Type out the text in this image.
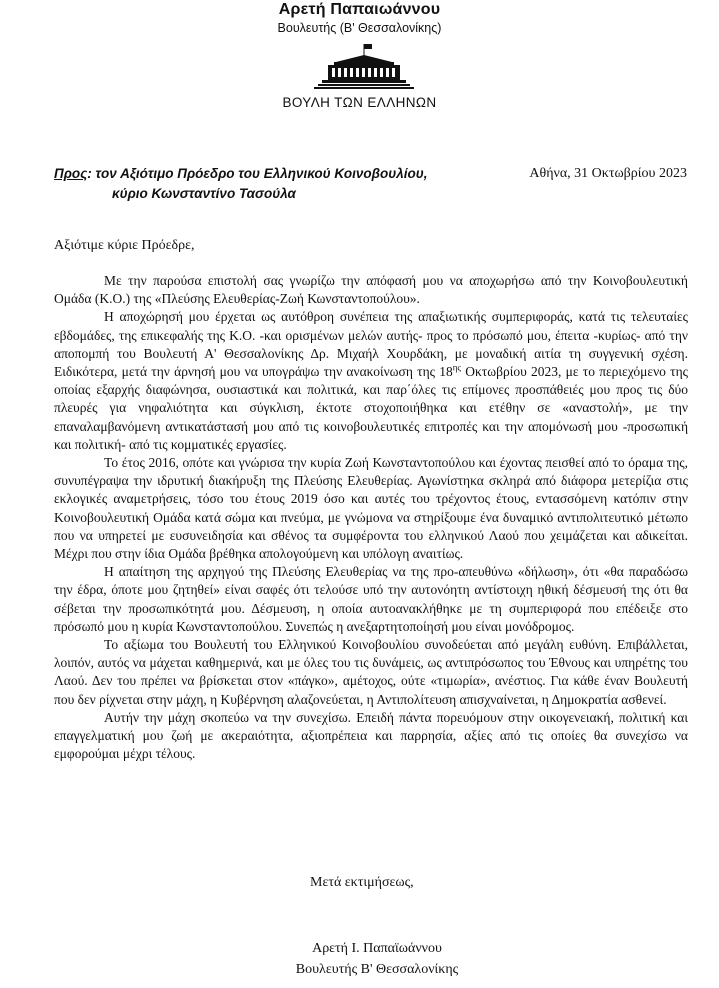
Αρετή Παπαιωάννου
Βουλευτής (Β' Θεσσαλονίκης)
ΒΟΥΛΗ ΤΩΝ ΕΛΛΗΝΩΝ
Προς: τον Αξιότιμο Πρόεδρο του Ελληνικού Κοινοβουλίου,
κύριο Κωνσταντίνο Τασούλα
Αθήνα, 31 Οκτωβρίου 2023
Αξιότιμε κύριε Πρόεδρε,

Με την παρούσα επιστολή σας γνωρίζω την απόφασή μου να αποχωρήσω από την Κοινοβουλευτική Ομάδα (Κ.Ο.) της «Πλεύσης Ελευθερίας-Ζωή Κωνσταντοπούλου».

Η αποχώρησή μου έρχεται ως αυτόθρoη συνέπεια της απαξιωτικής συμπεριφοράς, κατά τις τελευταίες εβδομάδες, της επικεφαλής της Κ.Ο. -και ορισμένων μελών αυτής- προς το πρόσωπό μου, έπειτα -κυρίως- από την αποπομπή του Βουλευτή Α' Θεσσαλονίκης Δρ. Μιχαήλ Χουρδάκη, με μοναδική αιτία τη συγγενική σχέση. Ειδικότερα, μετά την άρνησή μου να υπογράψω την ανακοίνωση της $18^{\eta\varsigma}$ Οκτωβρίου 2023, με το περιεχόμενο της οποίας εξαρχής διαφώνησα, ουσιαστικά και πολιτικά, και παρ΄όλες τις επίμονες προσπάθειές μου προς τις δύο πλευρές για νηφαλιότητα και σύγκλιση, έκτοτε στοχοποιήθηκα και ετέθην σε «αναστολή», με την επαναλαμβανόμενη αντικατάστασή μου από τις κοινοβουλευτικές επιτροπές και την απομόνωσή μου -προσωπική και πολιτική- από τις κομματικές εργασίες.

Το έτος 2016, οπότε και γνώρισα την κυρία Ζωή Κωνσταντοπούλου και έχοντας πεισθεί από το όραμα της, συνυπέγραψα την ιδρυτική διακήρυξη της Πλεύσης Ελευθερίας. Αγωνίστηκα σκληρά από διάφορα μετερίζια στις εκλογικές αναμετρήσεις, τόσο του έτους 2019 όσο και αυτές του τρέχοντος έτους, εντασσόμενη κατόπιν στην Κοινοβουλευτική Ομάδα κατά σώμα και πνεύμα, με γνώμονα να στηρίξουμε ένα δυναμικό αντιπολιτευτικό μέτωπο που να υπηρετεί με ευσυνειδησία και σθένος τα συμφέροντα του ελληνικού Λαού που χειμάζεται και αδικείται. Μέχρι που στην ίδια Ομάδα βρέθηκα απολογούμενη και υπόλογη αναιτίως.

Η απαίτηση της αρχηγού της Πλεύσης Ελευθερίας να της προ-απευθύνω «δήλωση», ότι «θα παραδώσω την έδρα, όποτε μου ζητηθεί» είναι σαφές ότι τελούσε υπό την αυτονόητη αντίστοιχη ηθική δέσμευσή της ότι θα σέβεται την προσωπικότητά μου. Δέσμευση, η οποία αυτοανακλήθηκε με τη συμπεριφορά που επέδειξε στο πρόσωπό μου η κυρία Κωνσταντοπούλου. Συνεπώς η ανεξαρτητοποίησή μου είναι μονόδρομος.

Το αξίωμα του Βουλευτή του Ελληνικού Κοινοβουλίου συνοδεύεται από μεγάλη ευθύνη. Επιβάλλεται, λοιπόν, αυτός να μάχεται καθημερινά, και με όλες του τις δυνάμεις, ως αντιπρόσωπος του Έθνους και υπηρέτης του Λαού. Δεν του πρέπει να βρίσκεται στον «πάγκο», αμέτοχος, ούτε «τιμωρία», ανέστιος. Για κάθε έναν Βουλευτή που δεν ρίχνεται στην μάχη, η Κυβέρνηση αλαζονεύεται, η Αντιπολίτευση απισχναίνεται, η Δημοκρατία ασθενεί.

Αυτήν την μάχη σκοπεύω να την συνεχίσω. Επειδή πάντα πορευόμουν στην οικογενειακή, πολιτική και επαγγελματική μου ζωή με ακεραιότητα, αξιοπρέπεια και παρρησία, αξίες από τις οποίες θα συνεχίσω να εμφορούμαι μέχρι τέλους.

Μετά εκτιμήσεως,
Αρετή Ι. Παπαϊωάννου
Βουλευτής Β' Θεσσαλονίκης
